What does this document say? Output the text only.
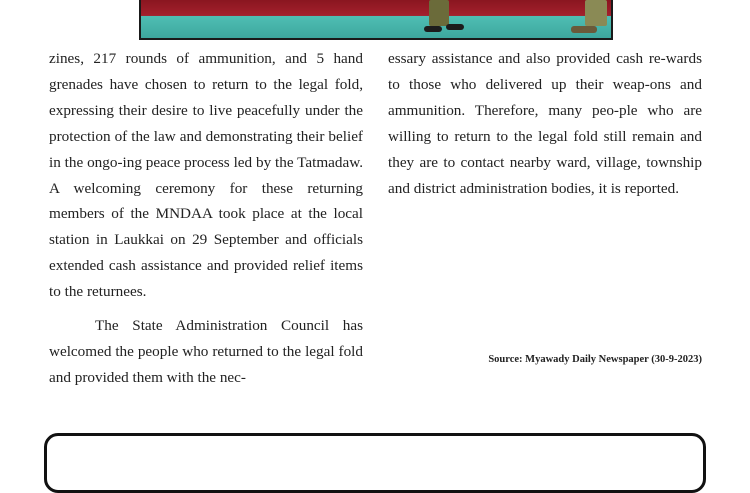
zines, 217 rounds of ammunition, and 5 hand grenades have chosen to return to the legal fold, expressing their desire to live peacefully under the protection of the law and demonstrating their belief in the ongo-ing peace process led by the Tatmadaw. A welcoming ceremony for these returning members of the MNDAA took place at the local station in Laukkai on 29 September and officials extended cash assistance and provided relief items to the returnees.

The State Administration Council has welcomed the people who returned to the legal fold and provided them with the nec-

essary assistance and also provided cash re-wards to those who delivered up their weap-ons and ammunition. Therefore, many peo-ple who are willing to return to the legal fold still remain and they are to contact nearby ward, village, township and district administration bodies, it is reported.

Source: Myawady Daily Newspaper (30-9-2023)
